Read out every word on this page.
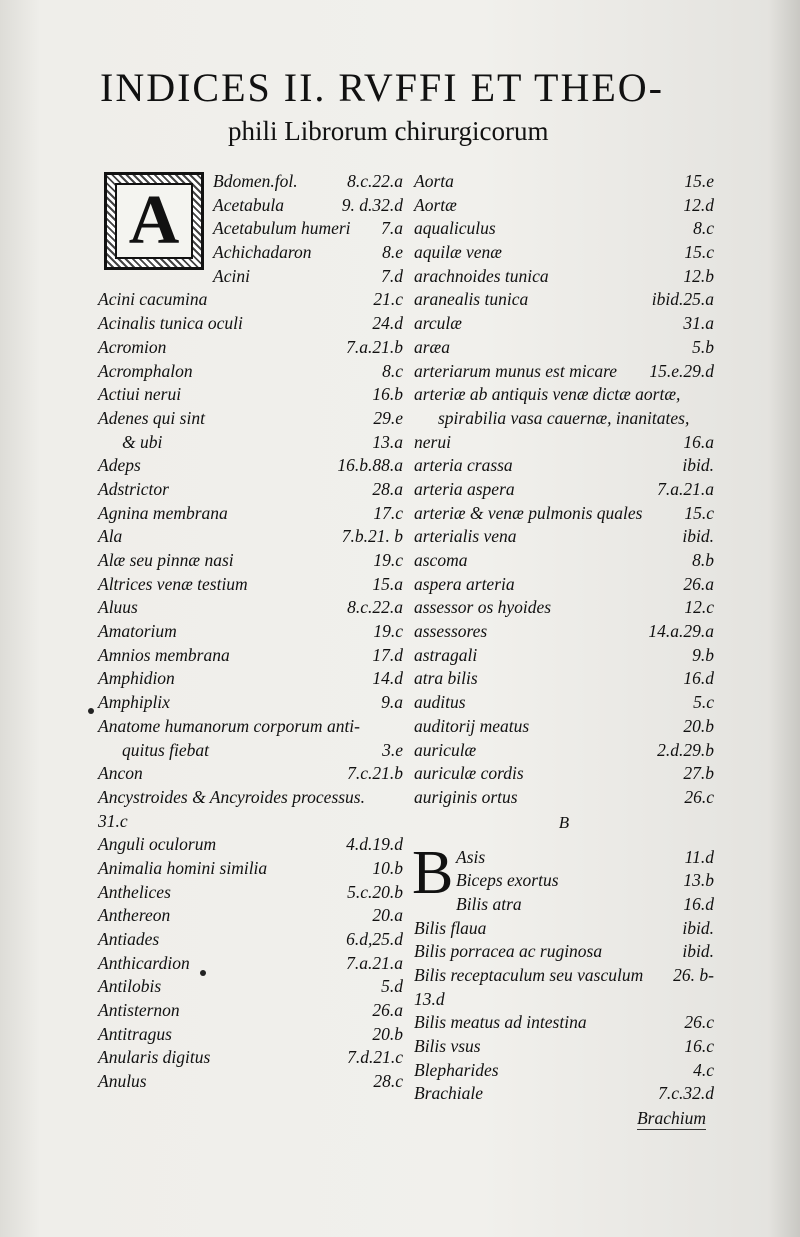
INDICES II. RVFFI ET THEO-
phili Librorum chirurgicorum
A
Bdomen.fol.	8.c.22.a
Acetabula	9. d.32.d
Acetabulum humeri 7.a
Achichadaron	8.e
Acini	7.d
Acini cacumina	21.c
Acinalis tunica oculi	24.d
Acromion	7.a.21.b
Acromphalon	8.c
Actiui nerui	16.b
Adenes qui sint	29.e
& ubi	13.a
Adeps	16.b.88.a
Adstrictor	28.a
Agnina membrana	17.c
Ala	7.b.21. b
Alæ seu pinnæ nasi	19.c
Altrices venæ testium	15.a
Aluus	8.c.22.a
Amatorium	19.c
Amnios membrana	17.d
Amphidion	14.d
Amphiplix	9.a
Anatome humanorum corporum anti-
quitus fiebat	3.e
Ancon	7.c.21.b
Ancystroides & Ancyroides processus.
31.c
Anguli oculorum	4.d.19.d
Animalia homini similia	10.b
Anthelices	5.c.20.b
Anthereon	20.a
Antiades	6.d,25.d
Anthicardion	7.a.21.a
Antilobis	5.d
Antisternon	26.a
Antitragus	20.b
Anularis digitus	7.d.21.c
Anulus	28.c
Aorta	15.e
Aortæ	12.d
aqualiculus	8.c
aquilæ venæ	15.c
arachnoides tunica	12.b
aranealis tunica	ibid.25.a
arculæ	31.a
aræa	5.b
arteriarum munus est micare 15.e.29.d
arteriæ ab antiquis venæ dictæ aortæ,
spirabilia vasa cauernæ, inanitates,
nerui	16.a
arteria crassa	ibid.
arteria aspera	7.a.21.a
arteriæ & venæ pulmonis quales 15.c
arterialis vena	ibid.
ascoma	8.b
aspera arteria	26.a
assessor os hyoides	12.c
assessores	14.a.29.a
astragali	9.b
atra bilis	16.d
auditus	5.c
auditorij meatus	20.b
auriculæ	2.d.29.b
auriculæ cordis	27.b
auriginis ortus	26.c
B
B Asis	11.d
Biceps exortus	13.b
Bilis atra	16.d
Bilis flaua	ibid.
Bilis porracea ac ruginosa	ibid.
Bilis receptaculum seu vasculum 26. b-
13.d
Bilis meatus ad intestina	26.c
Bilis vsus	16.c
Blepharides	4.c
Brachiale	7.c.32.d
Brachium
